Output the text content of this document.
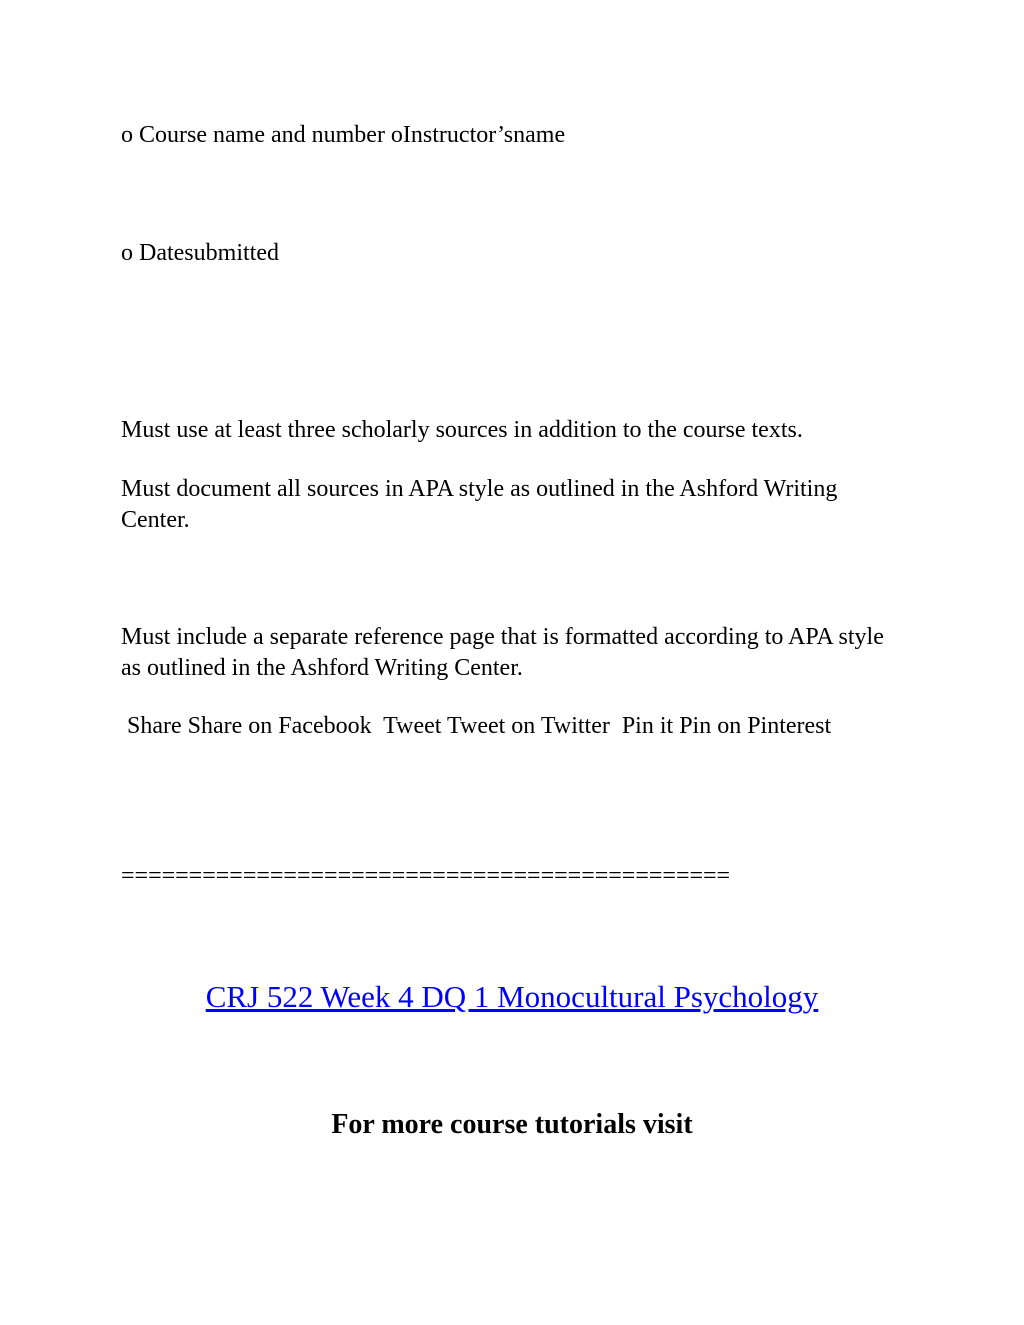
o Course name and number oInstructor’sname

o Datesubmitted

Must use at least three scholarly sources in addition to the course texts.

Must document all sources in APA style as outlined in the Ashford Writing Center.

Must include a separate reference page that is formatted according to APA style as outlined in the Ashford Writing Center.

Share Share on Facebook  Tweet Tweet on Twitter  Pin it Pin on Pinterest

=============================================

CRJ 522 Week 4 DQ 1 Monocultural Psychology
For more course tutorials visit
